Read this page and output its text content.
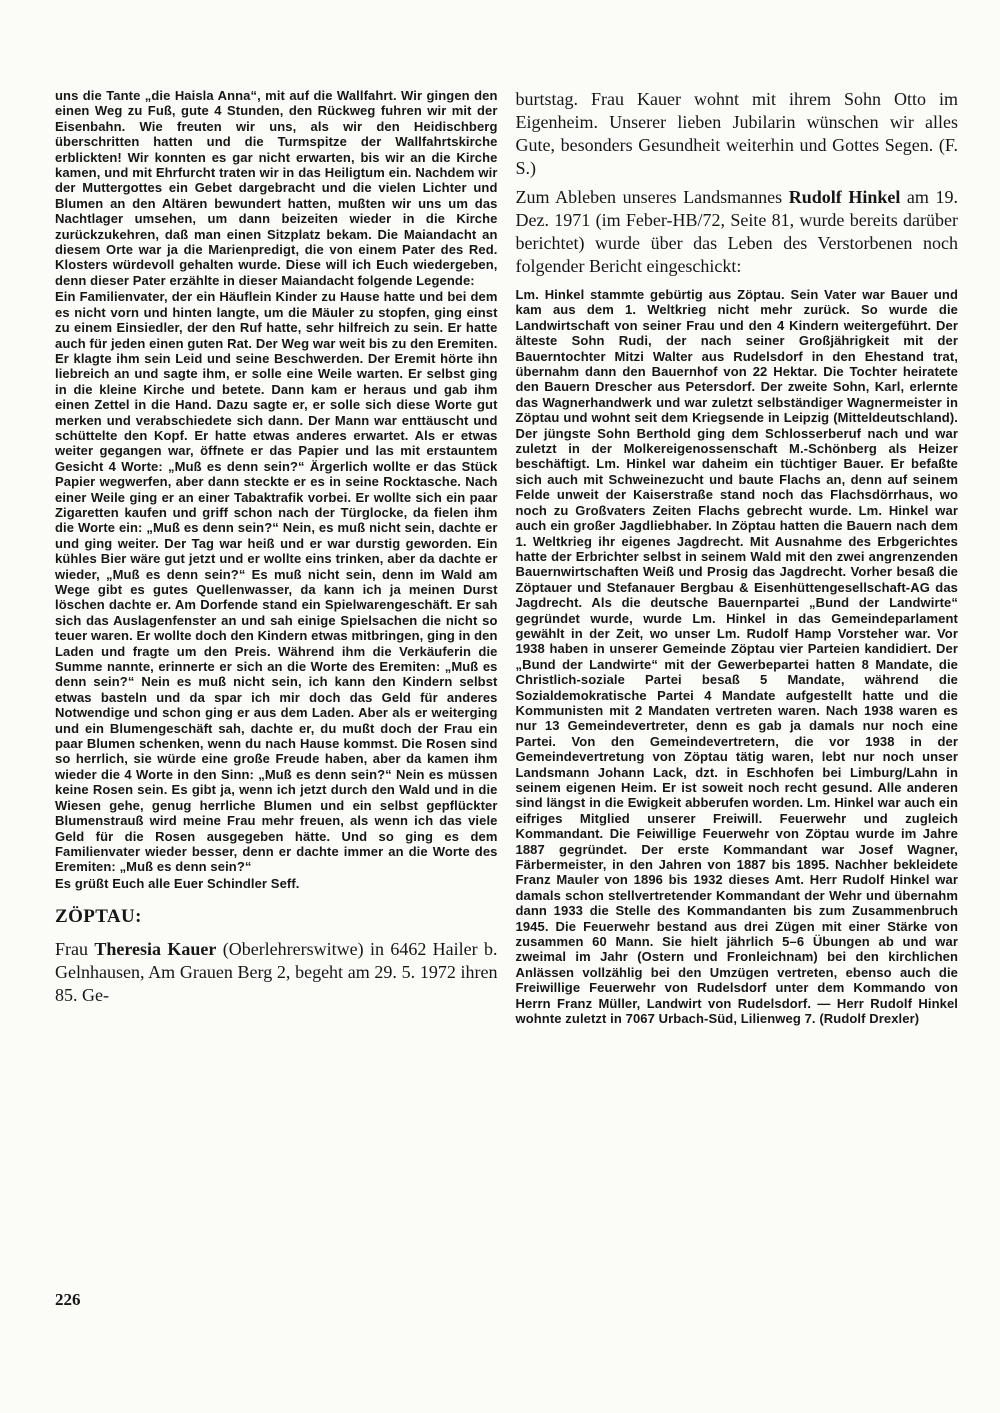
uns die Tante „die Haisla Anna“, mit auf die Wallfahrt. Wir gingen den einen Weg zu Fuß, gute 4 Stunden, den Rückweg fuhren wir mit der Eisenbahn. Wie freuten wir uns, als wir den Heidischberg überschritten hatten und die Turmspitze der Wallfahrtskirche erblickten! Wir konnten es gar nicht erwarten, bis wir an die Kirche kamen, und mit Ehrfurcht traten wir in das Heiligtum ein. Nachdem wir der Muttergottes ein Gebet dargebracht und die vielen Lichter und Blumen an den Altären bewundert hatten, mußten wir uns um das Nachtlager umsehen, um dann beizeiten wieder in die Kirche zurückzukehren, daß man einen Sitzplatz bekam. Die Maiandacht an diesem Orte war ja die Marienpredigt, die von einem Pater des Red. Klosters würdevoll gehalten wurde. Diese will ich Euch wiedergeben, denn dieser Pater erzählte in dieser Maiandacht folgende Legende:

Ein Familienvater, der ein Häuflein Kinder zu Hause hatte und bei dem es nicht vorn und hinten langte, um die Mäuler zu stopfen, ging einst zu einem Einsiedler, der den Ruf hatte, sehr hilfreich zu sein. Er hatte auch für jeden einen guten Rat. Der Weg war weit bis zu den Eremiten. Er klagte ihm sein Leid und seine Beschwerden. Der Eremit hörte ihn liebreich an und sagte ihm, er solle eine Weile warten. Er selbst ging in die kleine Kirche und betete. Dann kam er heraus und gab ihm einen Zettel in die Hand. Dazu sagte er, er solle sich diese Worte gut merken und verabschiedete sich dann. Der Mann war enttäuscht und schüttelte den Kopf. Er hatte etwas anderes erwartet. Als er etwas weiter gegangen war, öffnete er das Papier und las mit erstauntem Gesicht 4 Worte: „Muß es denn sein?“ Ärgerlich wollte er das Stück Papier wegwerfen, aber dann steckte er es in seine Rocktasche. Nach einer Weile ging er an einer Tabaktrafik vorbei. Er wollte sich ein paar Zigaretten kaufen und griff schon nach der Türglocke, da fielen ihm die Worte ein: „Muß es denn sein?“ Nein, es muß nicht sein, dachte er und ging weiter. Der Tag war heiß und er war durstig geworden. Ein kühles Bier wäre gut jetzt und er wollte eins trinken, aber da dachte er wieder, „Muß es denn sein?“ Es muß nicht sein, denn im Wald am Wege gibt es gutes Quellenwasser, da kann ich ja meinen Durst löschen dachte er. Am Dorfende stand ein Spielwarengeschäft. Er sah sich das Auslagenfenster an und sah einige Spielsachen die nicht so teuer waren. Er wollte doch den Kindern etwas mitbringen, ging in den Laden und fragte um den Preis. Während ihm die Verkäuferin die Summe nannte, erinnerte er sich an die Worte des Eremiten: „Muß es denn sein?“ Nein es muß nicht sein, ich kann den Kindern selbst etwas basteln und da spar ich mir doch das Geld für anderes Notwendige und schon ging er aus dem Laden. Aber als er weiterging und ein Blumengeschäft sah, dachte er, du mußt doch der Frau ein paar Blumen schenken, wenn du nach Hause kommst. Die Rosen sind so herrlich, sie würde eine große Freude haben, aber da kamen ihm wieder die 4 Worte in den Sinn: „Muß es denn sein?“ Nein es müssen keine Rosen sein. Es gibt ja, wenn ich jetzt durch den Wald und in die Wiesen gehe, genug herrliche Blumen und ein selbst gepflückter Blumenstrauß wird meine Frau mehr freuen, als wenn ich das viele Geld für die Rosen ausgegeben hätte. Und so ging es dem Familienvater wieder besser, denn er dachte immer an die Worte des Eremiten: „Muß es denn sein?“

Es grüßt Euch alle Euer Schindler Seff.

ZÖPTAU:

Frau Theresia Kauer (Oberlehrerswitwe) in 6462 Hailer b. Gelnhausen, Am Grauen Berg 2, begeht am 29. 5. 1972 ihren 85. Ge-

burtstag. Frau Kauer wohnt mit ihrem Sohn Otto im Eigenheim. Unserer lieben Jubilarin wünschen wir alles Gute, besonders Gesundheit weiterhin und Gottes Segen. (F. S.)

Zum Ableben unseres Landsmannes Rudolf Hinkel am 19. Dez. 1971 (im Feber-HB/72, Seite 81, wurde bereits darüber berichtet) wurde über das Leben des Verstorbenen noch folgender Bericht eingeschickt:

Lm. Hinkel stammte gebürtig aus Zöptau. Sein Vater war Bauer und kam aus dem 1. Weltkrieg nicht mehr zurück. So wurde die Landwirtschaft von seiner Frau und den 4 Kindern weitergeführt. Der älteste Sohn Rudi, der nach seiner Großjährigkeit mit der Bauerntochter Mitzi Walter aus Rudelsdorf in den Ehestand trat, übernahm dann den Bauernhof von 22 Hektar. Die Tochter heiratete den Bauern Drescher aus Petersdorf. Der zweite Sohn, Karl, erlernte das Wagnerhandwerk und war zuletzt selbständiger Wagnermeister in Zöptau und wohnt seit dem Kriegsende in Leipzig (Mitteldeutschland). Der jüngste Sohn Berthold ging dem Schlosserberuf nach und war zuletzt in der Molkereigenossenschaft M.-Schönberg als Heizer beschäftigt. Lm. Hinkel war daheim ein tüchtiger Bauer. Er befaßte sich auch mit Schweinezucht und baute Flachs an, denn auf seinem Felde unweit der Kaiserstraße stand noch das Flachsdörrhaus, wo noch zu Großvaters Zeiten Flachs gebrecht wurde. Lm. Hinkel war auch ein großer Jagdliebhaber. In Zöptau hatten die Bauern nach dem 1. Weltkrieg ihr eigenes Jagdrecht. Mit Ausnahme des Erbgerichtes hatte der Erbrichter selbst in seinem Wald mit den zwei angrenzenden Bauernwirtschaften Weiß und Prosig das Jagdrecht. Vorher besaß die Zöptauer und Stefanauer Bergbau & Eisenhüttengesellschaft-AG das Jagdrecht. Als die deutsche Bauernpartei „Bund der Landwirte“ gegründet wurde, wurde Lm. Hinkel in das Gemeindeparlament gewählt in der Zeit, wo unser Lm. Rudolf Hamp Vorsteher war. Vor 1938 haben in unserer Gemeinde Zöptau vier Parteien kandidiert. Der „Bund der Landwirte“ mit der Gewerbepartei hatten 8 Mandate, die Christlich-soziale Partei besaß 5 Mandate, während die Sozialdemokratische Partei 4 Mandate aufgestellt hatte und die Kommunisten mit 2 Mandaten vertreten waren. Nach 1938 waren es nur 13 Gemeindevertreter, denn es gab ja damals nur noch eine Partei. Von den Gemeindevertretern, die vor 1938 in der Gemeindevertretung von Zöptau tätig waren, lebt nur noch unser Landsmann Johann Lack, dzt. in Eschhofen bei Limburg/Lahn in seinem eigenen Heim. Er ist soweit noch recht gesund. Alle anderen sind längst in die Ewigkeit abberufen worden. Lm. Hinkel war auch ein eifriges Mitglied unserer Freiwill. Feuerwehr und zugleich Kommandant. Die Feiwillige Feuerwehr von Zöptau wurde im Jahre 1887 gegründet. Der erste Kommandant war Josef Wagner, Färbermeister, in den Jahren von 1887 bis 1895. Nachher bekleidete Franz Mauler von 1896 bis 1932 dieses Amt. Herr Rudolf Hinkel war damals schon stellvertretender Kommandant der Wehr und übernahm dann 1933 die Stelle des Kommandanten bis zum Zusammenbruch 1945. Die Feuerwehr bestand aus drei Zügen mit einer Stärke von zusammen 60 Mann. Sie hielt jährlich 5–6 Übungen ab und war zweimal im Jahr (Ostern und Fronleichnam) bei den kirchlichen Anlässen vollzählig bei den Umzügen vertreten, ebenso auch die Freiwillige Feuerwehr von Rudelsdorf unter dem Kommando von Herrn Franz Müller, Landwirt von Rudelsdorf. — Herr Rudolf Hinkel wohnte zuletzt in 7067 Urbach-Süd, Lilienweg 7. (Rudolf Drexler)

226
